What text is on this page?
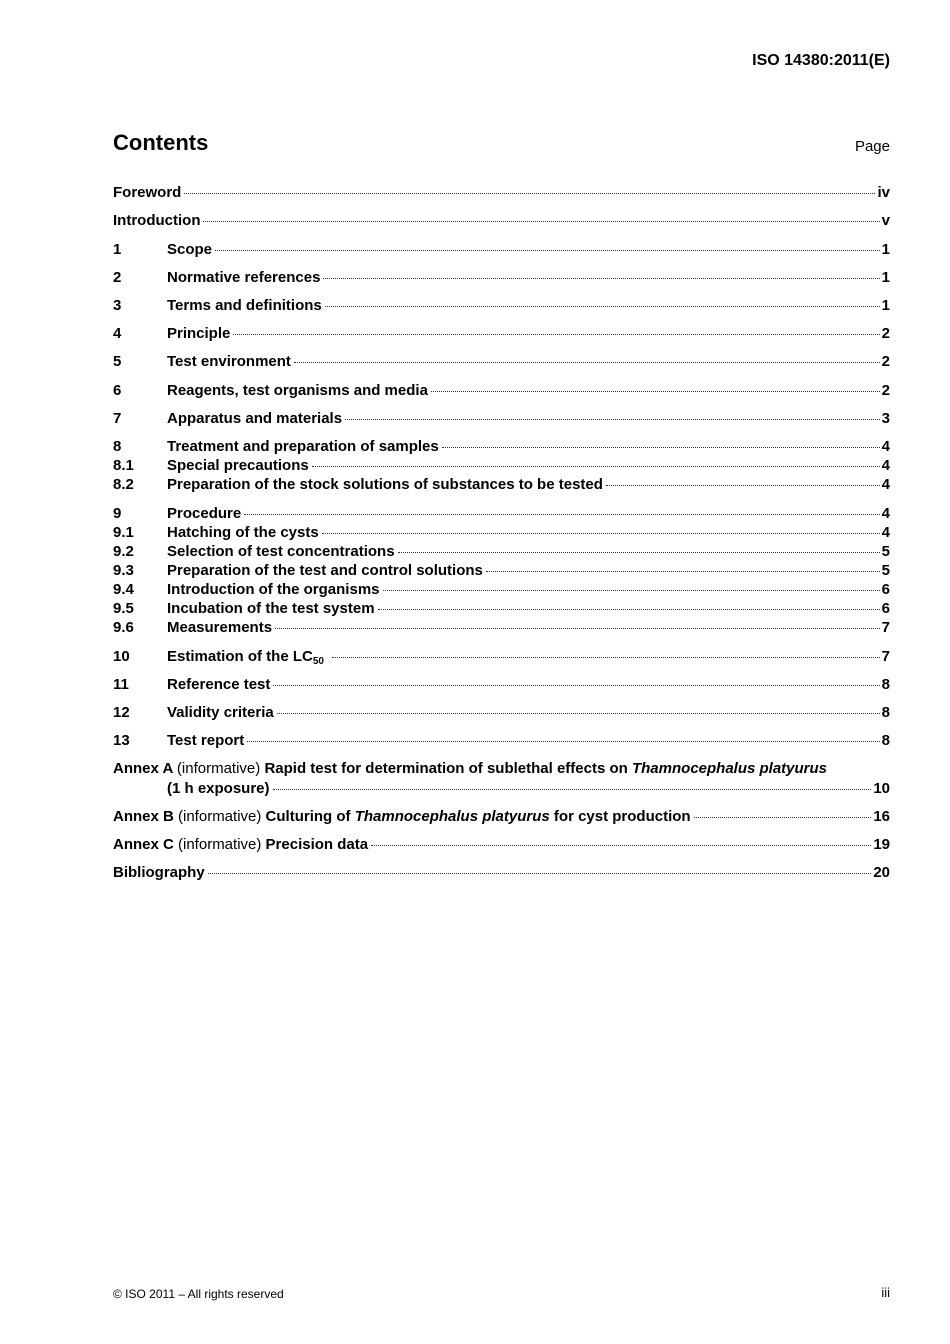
ISO 14380:2011(E)
Contents	Page
Foreword	iv
Introduction	v
1	Scope	1
2	Normative references	1
3	Terms and definitions	1
4	Principle	2
5	Test environment	2
6	Reagents, test organisms and media	2
7	Apparatus and materials	3
8	Treatment and preparation of samples	4
8.1	Special precautions	4
8.2	Preparation of the stock solutions of substances to be tested	4
9	Procedure	4
9.1	Hatching of the cysts	4
9.2	Selection of test concentrations	5
9.3	Preparation of the test and control solutions	5
9.4	Introduction of the organisms	6
9.5	Incubation of the test system	6
9.6	Measurements	7
10	Estimation of the $LC_{50}$	7
11	Reference test	8
12	Validity criteria	8
13	Test report	8
Annex A (informative) Rapid test for determination of sublethal effects on Thamnocephalus platyurus
(1 h exposure)	10
Annex B (informative) Culturing of Thamnocephalus platyurus for cyst production	16
Annex C (informative) Precision data	19
Bibliography	20
© ISO 2011 – All rights reserved	iii
